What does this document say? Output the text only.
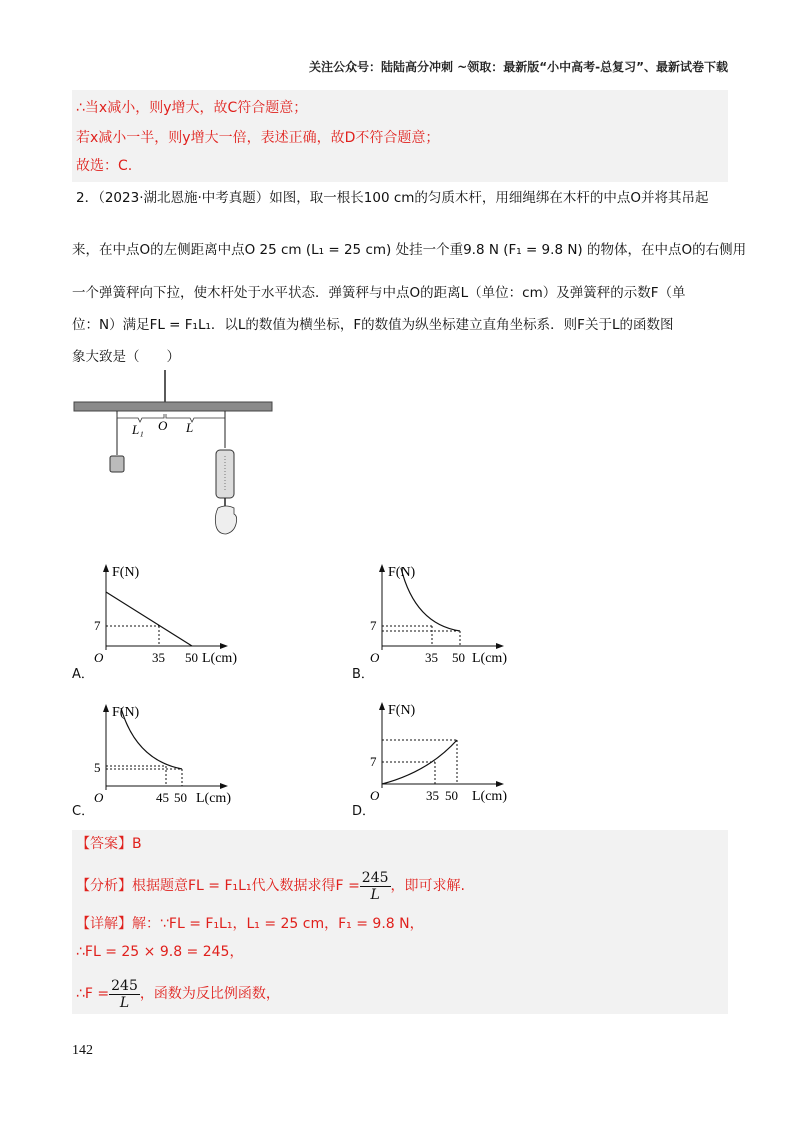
关注公众号：陆陆高分冲刺 ~领取：最新版“小中高考-总复习”、最新试卷下载
∴当x减小，则y增大，故C符合题意；
若x减小一半，则y增大一倍，表述正确，故D不符合题意；
故选：C.
2．（2023·湖北恩施·中考真题）如图，取一根长100 cm的匀质木杆，用细绳绑在木杆的中点O并将其吊起
来，在中点O的左侧距离中点O 25 cm (L₁ = 25 cm) 处挂一个重9.8 N (F₁ = 9.8 N) 的物体，在中点O的右侧用
一个弹簧秤向下拉，使木杆处于水平状态．弹簧秤与中点O的距离L（单位：cm）及弹簧秤的示数F（单
位：N）满足FL = F₁L₁．以L的数值为横坐标，F的数值为纵坐标建立直角坐标系．则F关于L的函数图
象大致是（　　）
L₁ O L
F(N)
7
O	35 50 L(cm)
A．
F(N)
7
O	35 50 L(cm)
B．
F(N)
5
O	45 50 L(cm)
C．
F(N)
7
O	35 50 L(cm)
D．
【答案】B
【分析】 根据题意FL = F₁L₁代入数据求得$F = \frac{245}{L}$ ，即可求解.
【详解】解：∵FL = F₁L₁，L₁ = 25 cm，F₁ = 9.8 N，
∴FL = 25 × 9.8 = 245，
∴F = $\frac{245}{L}$ ，函数为反比例函数，
142
